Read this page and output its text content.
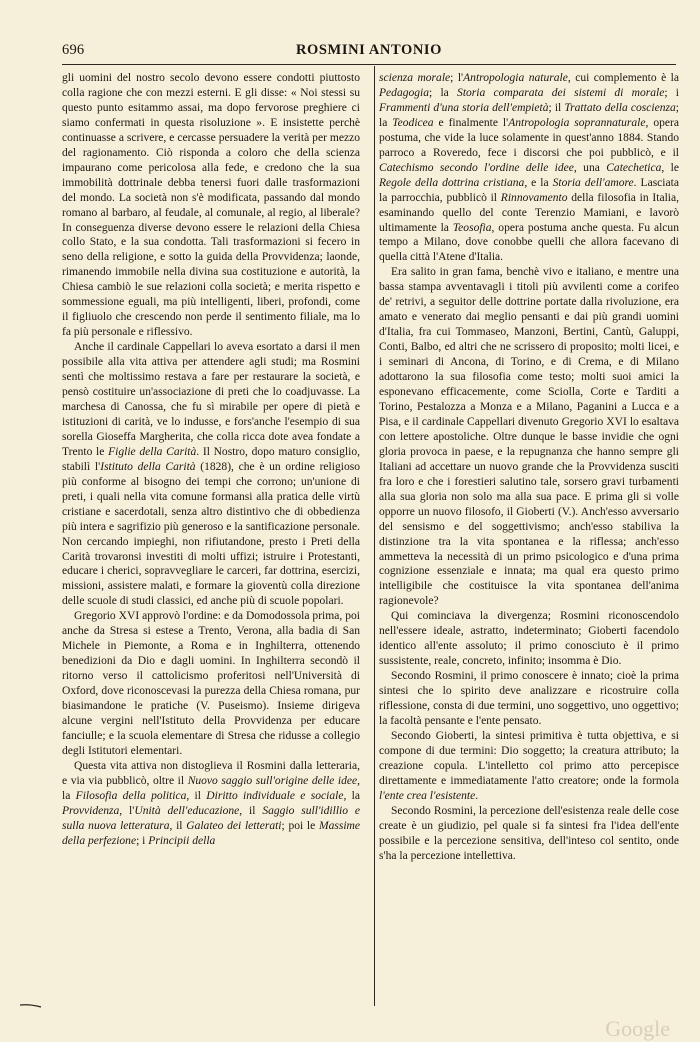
696	ROSMINI ANTONIO

gli uomini del nostro secolo devono essere condotti piuttosto colla ragione che con mezzi esterni. E gli disse: « Noi stessi su questo punto esitammo assai, ma dopo fervorose preghiere ci siamo confermati in questa risoluzione ». E insistette perchè continuasse a scrivere, e cercasse persuadere la verità per mezzo del ragionamento. Ciò risponda a coloro che della scienza impaurano come pericolosa alla fede, e credono che la sua immobilità dottrinale debba tenersi fuori dalle trasformazioni del mondo. La società non s'è modificata, passando dal mondo romano al barbaro, al feudale, al comunale, al regio, al liberale? In conseguenza diverse devono essere le relazioni della Chiesa collo Stato, e la sua condotta. Tali trasformazioni si fecero in seno della religione, e sotto la guida della Provvidenza; laonde, rimanendo immobile nella divina sua costituzione e autorità, la Chiesa cambiò le sue relazioni colla società; e merita rispetto e sommessione eguali, ma più intelligenti, liberi, profondi, come il figliuolo che crescendo non perde il sentimento filiale, ma lo fa più personale e riflessivo.

Anche il cardinale Cappellari lo aveva esortato a darsi il men possibile alla vita attiva per attendere agli studi; ma Rosmini sentì che moltissimo restava a fare per restaurare la società, e pensò costituire un'associazione di preti che lo coadjuvasse. La marchesa di Canossa, che fu sì mirabile per opere di pietà e istituzioni di carità, ve lo indusse, e fors'anche l'esempio di sua sorella Gioseffa Margherita, che colla ricca dote avea fondate a Trento le Figlie della Carità. Il Nostro, dopo maturo consiglio, stabilì l'Istituto della Carità (1828), che è un ordine religioso più conforme al bisogno dei tempi che corrono; un'unione di preti, i quali nella vita comune formansi alla pratica delle virtù cristiane e sacerdotali, senza altro distintivo che di obbedienza più intera e sagrifizio più generoso e la santificazione personale. Non cercando impieghi, non rifiutandone, presto i Preti della Carità trovaronsi investiti di molti uffizi; istruire i Protestanti, educare i cherici, sopravvegliare le carceri, far dottrina, esercizi, missioni, assistere malati, e formare la gioventù colla direzione delle scuole di studi classici, ed anche più di scuole popolari.

Gregorio XVI approvò l'ordine: e da Domodossola prima, poi anche da Stresa si estese a Trento, Verona, alla badia di San Michele in Piemonte, a Roma e in Inghilterra, ottenendo benedizioni da Dio e dagli uomini. In Inghilterra secondò il ritorno verso il cattolicismo proferitosi nell'Università di Oxford, dove riconoscevasi la purezza della Chiesa romana, pur biasimandone le pratiche (V. Puseismo). Insieme dirigeva alcune vergini nell'Istituto della Provvidenza per educare fanciulle; e la scuola elementare di Stresa che ridusse a collegio degli Istitutori elementari.

Questa vita attiva non distoglieva il Rosmini dalla letteraria, e via via pubblicò, oltre il Nuovo saggio sull'origine delle idee, la Filosofia della politica, il Diritto individuale e sociale, la Provvidenza, l'Unità dell'educazione, il Saggio sull'idillio e sulla nuova letteratura, il Galateo dei letterati; poi le Massime della perfezione; i Principii della

scienza morale; l'Antropologia naturale, cui complemento è la Pedagogia; la Storia comparata dei sistemi di morale; i Frammenti d'una storia dell'empietà; il Trattato della coscienza; la Teodicea e finalmente l'Antropologia soprannaturale, opera postuma, che vide la luce solamente in quest'anno 1884. Stando parroco a Roveredo, fece i discorsi che poi pubblicò, e il Catechismo secondo l'ordine delle idee, una Catechetica, le Regole della dottrina cristiana, e la Storia dell'amore. Lasciata la parrocchia, pubblicò il Rinnovamento della filosofia in Italia, esaminando quello del conte Terenzio Mamiani, e lavorò ultimamente la Teosofia, opera postuma anche questa. Fu alcun tempo a Milano, dove conobbe quelli che allora facevano di quella città l'Atene d'Italia.

Era salito in gran fama, benchè vivo e italiano, e mentre una bassa stampa avventavagli i titoli più avvilenti come a corifeo de' retrivi, a seguitor delle dottrine portate dalla rivoluzione, era amato e venerato dai meglio pensanti e dai più grandi uomini d'Italia, fra cui Tommaseo, Manzoni, Bertini, Cantù, Galuppi, Conti, Balbo, ed altri che ne scrissero di proposito; molti licei, e i seminari di Ancona, di Torino, e di Crema, e di Milano adottarono la sua filosofia come testo; molti suoi amici la esponevano efficacemente, come Sciolla, Corte e Tarditi a Torino, Pestalozza a Monza e a Milano, Paganini a Lucca e a Pisa, e il cardinale Cappellari divenuto Gregorio XVI lo esaltava con lettere apostoliche. Oltre dunque le basse invidie che ogni gloria provoca in paese, e la repugnanza che hanno sempre gli Italiani ad accettare un nuovo grande che la Provvidenza susciti fra loro e che i forestieri salutino tale, sorsero gravi turbamenti alla sua gloria non solo ma alla sua pace. E prima gli si volle opporre un nuovo filosofo, il Gioberti (V.). Anch'esso avversario del sensismo e del soggettivismo; anch'esso stabiliva la distinzione tra la vita spontanea e la riflessa; anch'esso ammetteva la necessità di un primo psicologico e d'una prima cognizione essenziale e innata; ma qual era questo primo intelligibile che costituisce la vita spontanea dell'anima ragionevole?

Qui cominciava la divergenza; Rosmini riconoscendolo nell'essere ideale, astratto, indeterminato; Gioberti facendolo identico all'ente assoluto; il primo conosciuto è il primo sussistente, reale, concreto, infinito; insomma è Dio.

Secondo Rosmini, il primo conoscere è innato; cioè la prima sintesi che lo spirito deve analizzare e ricostruire colla riflessione, consta di due termini, uno soggettivo, uno oggettivo; la facoltà pensante e l'ente pensato.

Secondo Gioberti, la sintesi primitiva è tutta objettiva, e si compone di due termini: Dio soggetto; la creatura attributo; la creazione copula. L'intelletto col primo atto percepisce direttamente e immediatamente l'atto creatore; onde la formola l'ente crea l'esistente.

Secondo Rosmini, la percezione dell'esistenza reale delle cose create è un giudizio, pel quale si fa sintesi fra l'idea dell'ente possibile e la percezione sensitiva, dell'inteso col sentito, onde s'ha la percezione intellettiva.

Google
